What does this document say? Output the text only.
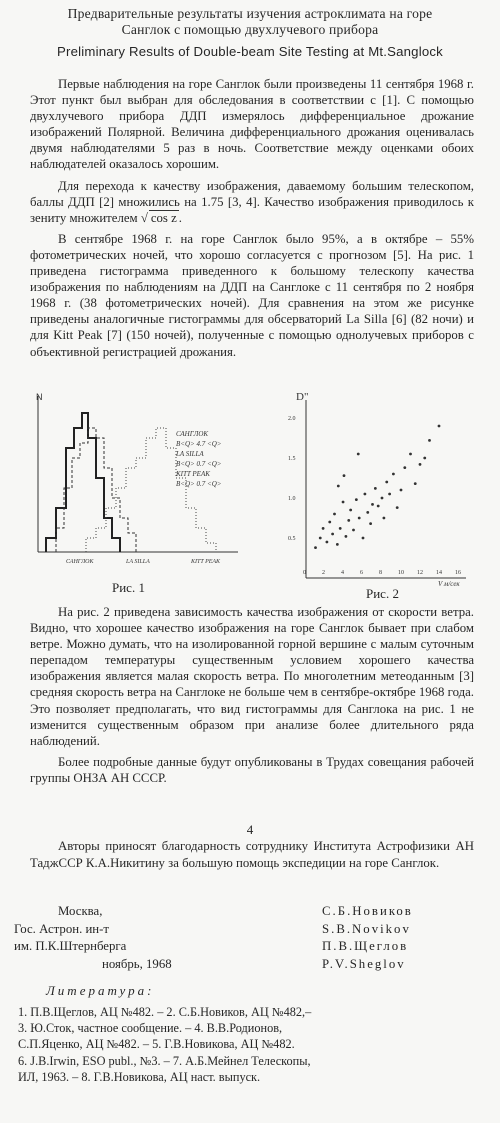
Предварительные результаты изучения астроклимата на горе
Санглок с помощью двухлучевого прибора
Preliminary Results of Double-beam Site Testing at Mt.Sanglock

Первые наблюдения на горе Санглок были произведены 11 сентября 1968 г. Этот пункт был выбран для обследования в соответствии с [1]. С помощью двухлучевого прибора ДДП измерялось дифференциальное дрожание изображений Полярной. Величина дифференциального дрожания оценивалась двумя наблюдателями 5 раз в ночь. Соответствие между оценками обоих наблюдателей оказалось хорошим.

Для перехода к качеству изображения, даваемому большим телескопом, баллы ДДП [2] множились на 1.75 [3, 4]. Качество изображения приводилось к зениту множителем √ cos z .

В сентябре 1968 г. на горе Санглок было 95%, а в октябре – 55% фотометрических ночей, что хорошо согласуется с прогнозом [5]. На рис. 1 приведена гистограмма приведенного к большому телескопу качества изображения по наблюдениям на ДДП на Санглоке с 11 сентября по 2 ноября 1968 г. (38 фотометрических ночей). Для сравнения на этом же рисунке приведены аналогичные гистограммы для обсерваторий La Silla [6] (82 ночи) и для Kitt Peak [7] (150 ночей), полученные с помощью однолучевых приборов с объективной регистрацией дрожания.

N
САНГЛОК
B<Q> 4.7 <Q>
LA SILLA
B<Q> 0.7 <Q>
KITT PEAK
B<Q> 0.7 <Q>
САНГЛОК	LA SILLA	KITT PEAK
Рис. 1
D"
V м/сек
0	2	4	6	8	10 12 14 16
0.5
1.0
1.5
2.0
Рис. 2

На рис. 2 приведена зависимость качества изображения от скорости ветра. Видно, что хорошее качество изображения на горе Санглок бывает при слабом ветре. Можно думать, что на изолированной горной вершине с малым суточным перепадом температуры существенным условием хорошего качества изображения является малая скорость ветра. По многолетним метеоданным [3] средняя скорость ветра на Санглоке не больше чем в сентябре-октябре 1968 года. Это позволяет предполагать, что вид гистограммы для Санглока на рис. 1 не изменится существенным образом при анализе более длительного ряда наблюдений.

Более подробные данные будут опубликованы в Трудах совещания рабочей группы ОНЗА АН СССР.

4

Авторы приносят благодарность сотруднику Института Астрофизики АН ТаджССР К.А.Никитину за большую помощь экспедиции на горе Санглок.

Москва,
Гос. Астрон. ин-т
им. П.К.Штернберга
ноябрь, 1968
С.Б.Новиков
S.B.Novikov
П.В.Щеглов
P.V.Sheglov
Литература:
1. П.В.Щеглов, АЦ №482. – 2. С.Б.Новиков, АЦ №482,–
3. Ю.Сток, частное сообщение. – 4. В.В.Родионов,
С.П.Яценко, АЦ №482. – 5. Г.В.Новикова, АЦ №482.
6. J.B.Irwin, ESO publ., №3. – 7. А.Б.Мейнел Телескопы,
ИЛ, 1963. – 8. Г.В.Новикова, АЦ наст. выпуск.
